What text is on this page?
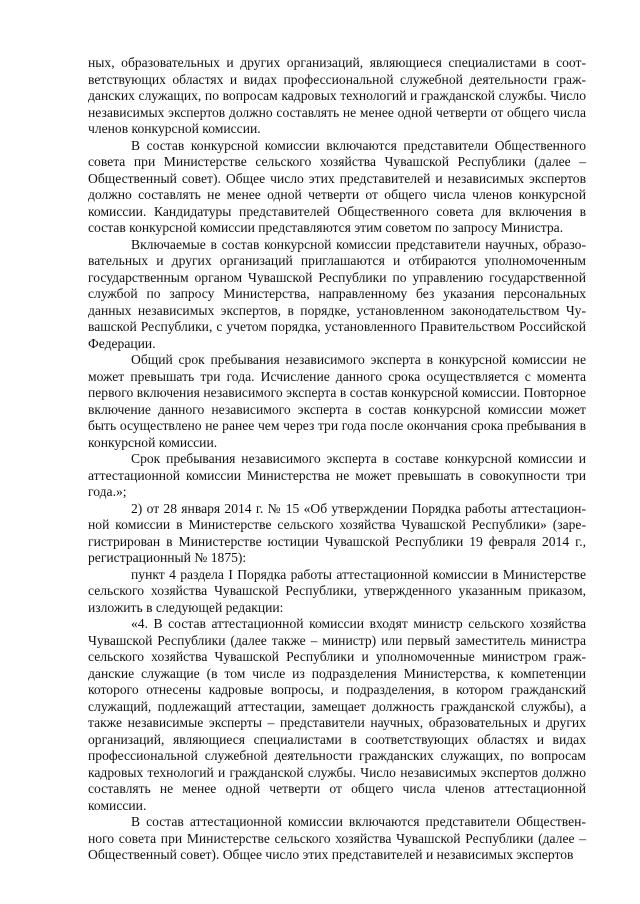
ных, образовательных и других организаций, являющиеся специалистами в соответствующих областях и видах профессиональной служебной деятельности гражданских служащих, по вопросам кадровых технологий и гражданской службы. Число независимых экспертов должно составлять не менее одной четверти от общего числа членов конкурсной комиссии.

В состав конкурсной комиссии включаются представители Общественного совета при Министерстве сельского хозяйства Чувашской Республики (далее – Общественный совет). Общее число этих представителей и независимых экспертов должно составлять не менее одной четверти от общего числа членов конкурсной комиссии. Кандидатуры представителей Общественного совета для включения в состав конкурсной комиссии представляются этим советом по запросу Министра.

Включаемые в состав конкурсной комиссии представители научных, образовательных и других организаций приглашаются и отбираются уполномоченным государственным органом Чувашской Республики по управлению государственной службой по запросу Министерства, направленному без указания персональных данных независимых экспертов, в порядке, установленном законодательством Чувашской Республики, с учетом порядка, установленного Правительством Российской Федерации.

Общий срок пребывания независимого эксперта в конкурсной комиссии не может превышать три года. Исчисление данного срока осуществляется с момента первого включения независимого эксперта в состав конкурсной комиссии. Повторное включение данного независимого эксперта в состав конкурсной комиссии может быть осуществлено не ранее чем через три года после окончания срока пребывания в конкурсной комиссии.

Срок пребывания независимого эксперта в составе конкурсной комиссии и аттестационной комиссии Министерства не может превышать в совокупности три года.»;

2) от 28 января 2014 г. № 15 «Об утверждении Порядка работы аттестационной комиссии в Министерстве сельского хозяйства Чувашской Республики» (зарегистрирован в Министерстве юстиции Чувашской Республики 19 февраля 2014 г., регистрационный № 1875):

пункт 4 раздела I Порядка работы аттестационной комиссии в Министерстве сельского хозяйства Чувашской Республики, утвержденного указанным приказом, изложить в следующей редакции:

«4. В состав аттестационной комиссии входят министр сельского хозяйства Чувашской Республики (далее также – министр) или первый заместитель министра сельского хозяйства Чувашской Республики и уполномоченные министром гражданские служащие (в том числе из подразделения Министерства, к компетенции которого отнесены кадровые вопросы, и подразделения, в котором гражданский служащий, подлежащий аттестации, замещает должность гражданской службы), а также независимые эксперты – представители научных, образовательных и других организаций, являющиеся специалистами в соответствующих областях и видах профессиональной служебной деятельности гражданских служащих, по вопросам кадровых технологий и гражданской службы. Число независимых экспертов должно составлять не менее одной четверти от общего числа членов аттестационной комиссии.

В состав аттестационной комиссии включаются представители Общественного совета при Министерстве сельского хозяйства Чувашской Республики (далее – Общественный совет). Общее число этих представителей и независимых экспертов
